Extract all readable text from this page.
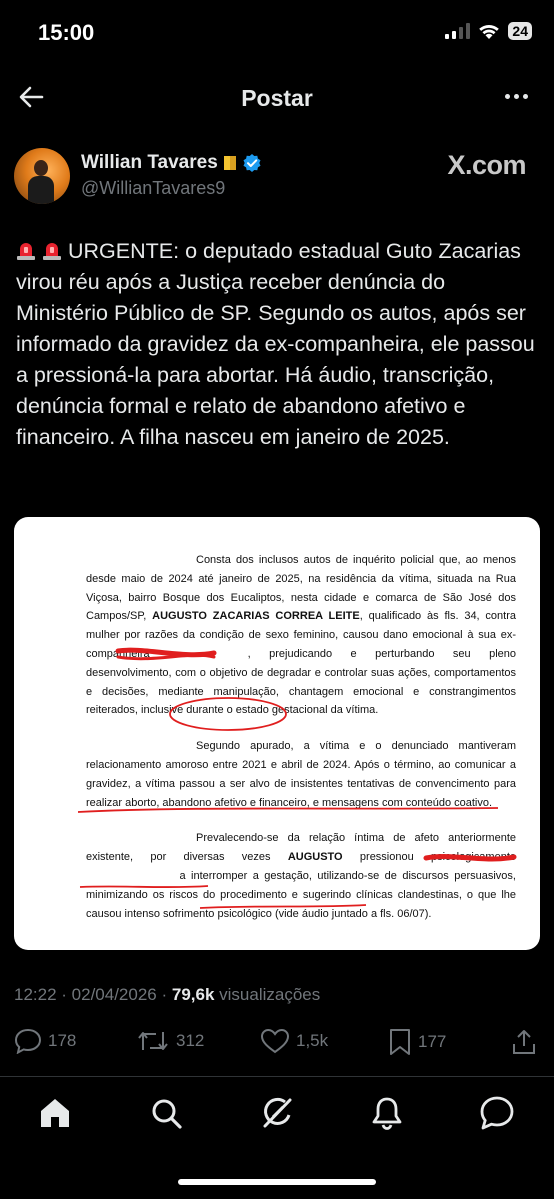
15:00	24
Postar
Willian Tavares
@WillianTavares9
X.com
URGENTE: o deputado estadual Guto Zacarias virou réu após a Justiça receber denúncia do Ministério Público de SP. Segundo os autos, após ser informado da gravidez da ex-companheira, ele passou a pressioná-la para abortar. Há áudio, transcrição, denúncia formal e relato de abandono afetivo e financeiro. A filha nasceu em janeiro de 2025.

Consta dos inclusos autos de inquérito policial que, ao menos desde maio de 2024 até janeiro de 2025, na residência da vítima, situada na Rua Viçosa, bairro Bosque dos Eucaliptos, nesta cidade e comarca de São José dos Campos/SP, AUGUSTO ZACARIAS CORREA LEITE, qualificado às fls. 34, contra mulher por razões da condição de sexo feminino, causou dano emocional à sua ex-companheira	, prejudicando e perturbando seu pleno desenvolvimento, com o objetivo de degradar e controlar suas ações, comportamentos e decisões, mediante manipulação, chantagem emocional e constrangimentos reiterados, inclusive durante o estado gestacional da vítima.

Segundo apurado, a vítima e o denunciado mantiveram relacionamento amoroso entre 2021 e abril de 2024. Após o término, ao comunicar a gravidez, a vítima passou a ser alvo de insistentes tentativas de convencimento para realizar aborto, abandono afetivo e financeiro, e mensagens com conteúdo coativo.

Prevalecendo-se da relação íntima de afeto anteriormente existente, por diversas vezes AUGUSTO pressionou psicologicamente  a interromper a gestação, utilizando-se de discursos persuasivos, minimizando os riscos do procedimento e sugerindo clínicas clandestinas, o que lhe causou intenso sofrimento psicológico (vide áudio juntado a fls. 06/07).

12:22 · 02/04/2026 · 79,6k visualizações
178	312	1,5k	177
